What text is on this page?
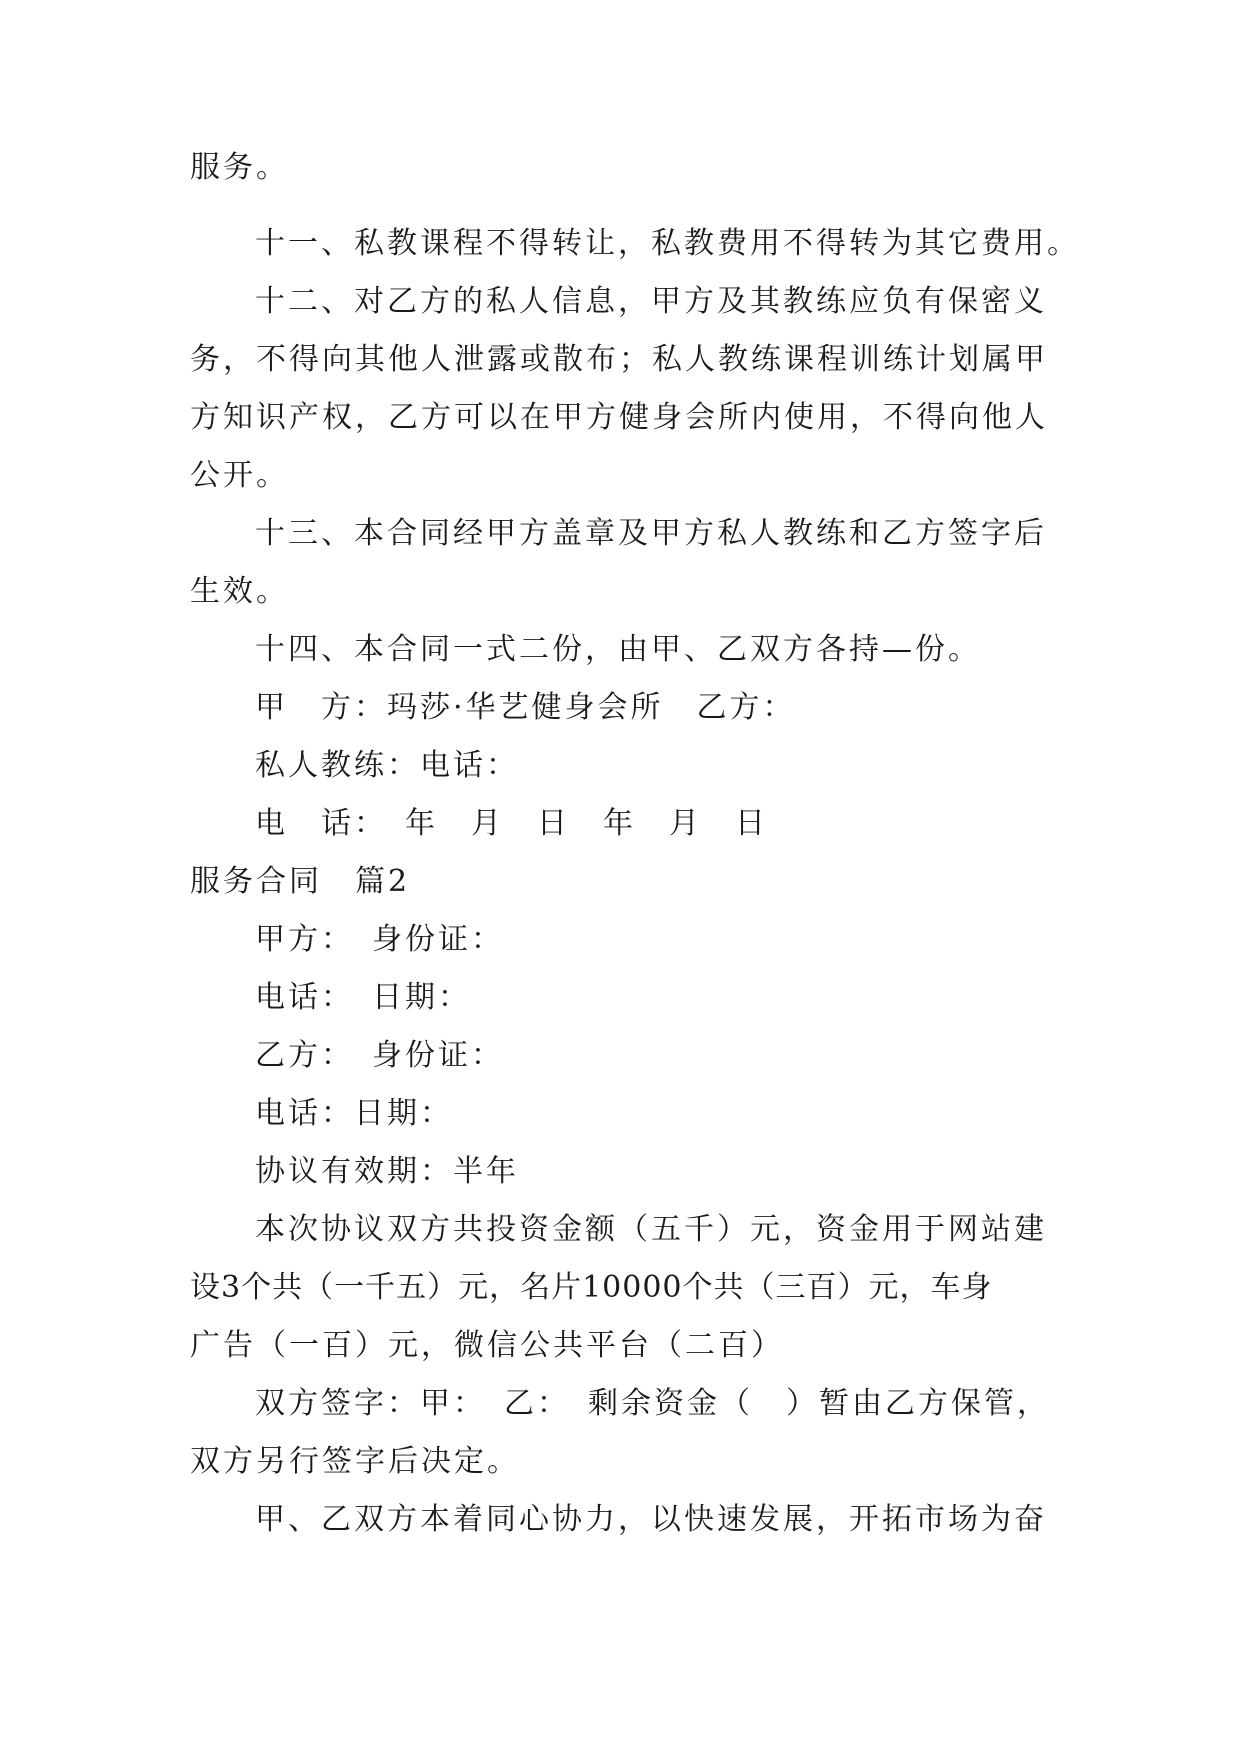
服务。
十一、私教课程不得转让，私教费用不得转为其它费用。
十二、对乙方的私人信息，甲方及其教练应负有保密义
务，不得向其他人泄露或散布；私人教练课程训练计划属甲
方知识产权，乙方可以在甲方健身会所内使用，不得向他人
公开。
十三、本合同经甲方盖章及甲方私人教练和乙方签字后
生效。
十四、本合同一式二份，由甲、乙双方各持—份。
甲　方：玛莎·华艺健身会所　乙方：
私人教练：电话：
电　话：　年　月　日　年　月　日
服务合同　篇2
甲方：　身份证：
电话：　日期：
乙方：　身份证：
电话：日期：
协议有效期：半年
本次协议双方共投资金额（五千）元，资金用于网站建
设3个共（一千五）元，名片10000个共（三百）元，车身
广告（一百）元，微信公共平台（二百）
双方签字：甲：　乙：　剩余资金（　）暂由乙方保管，
双方另行签字后决定。
甲、乙双方本着同心协力，以快速发展，开拓市场为奋
